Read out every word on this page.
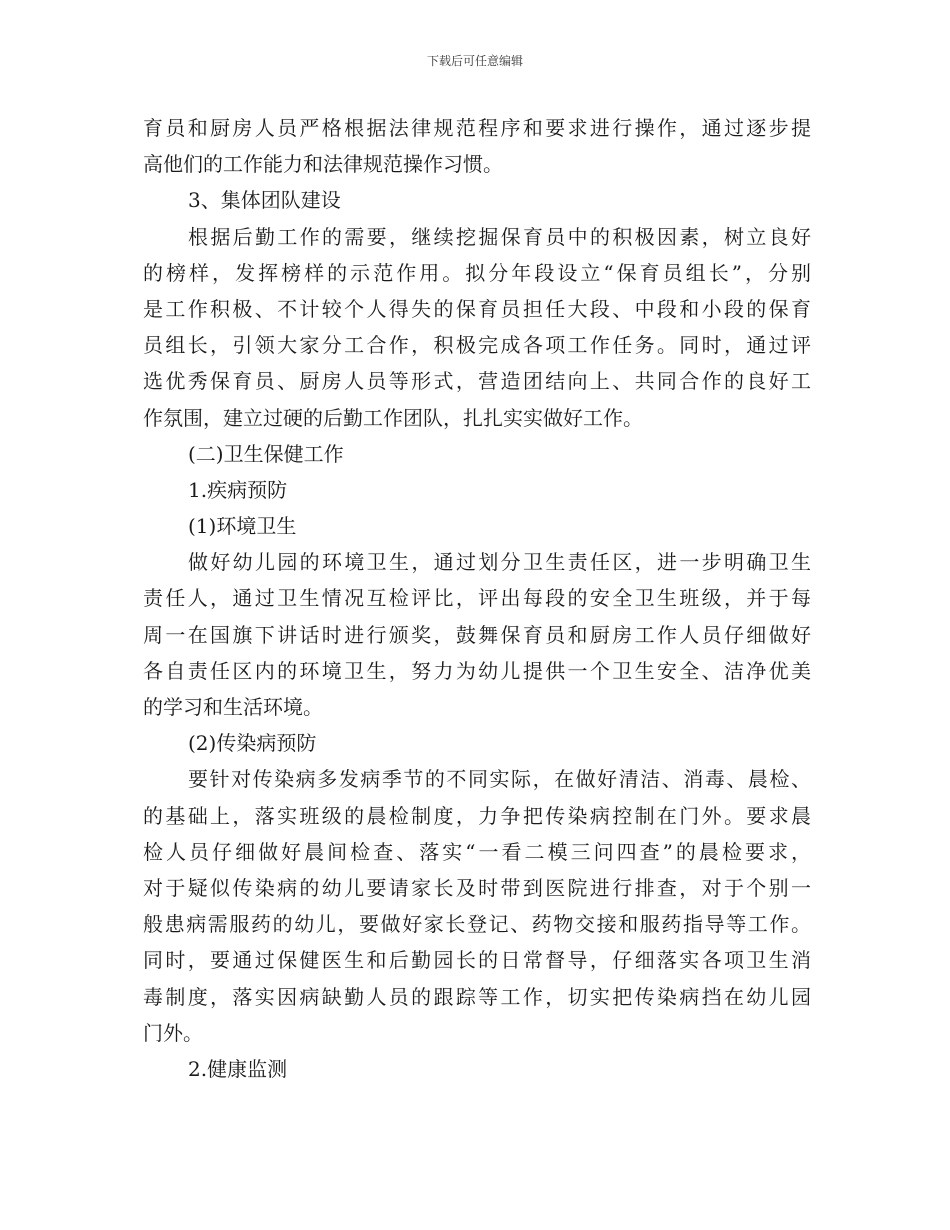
下载后可任意编辑
育员和厨房人员严格根据法律规范程序和要求进行操作，通过逐步提
高他们的工作能力和法律规范操作习惯。
3、集体团队建设
根据后勤工作的需要，继续挖掘保育员中的积极因素，树立良好
的榜样，发挥榜样的示范作用。拟分年段设立“保育员组长”，分别
是工作积极、不计较个人得失的保育员担任大段、中段和小段的保育
员组长，引领大家分工合作，积极完成各项工作任务。同时，通过评
选优秀保育员、厨房人员等形式，营造团结向上、共同合作的良好工
作氛围，建立过硬的后勤工作团队，扎扎实实做好工作。
(二)卫生保健工作
1.疾病预防
(1)环境卫生
做好幼儿园的环境卫生，通过划分卫生责任区，进一步明确卫生
责任人，通过卫生情况互检评比，评出每段的安全卫生班级，并于每
周一在国旗下讲话时进行颁奖，鼓舞保育员和厨房工作人员仔细做好
各自责任区内的环境卫生，努力为幼儿提供一个卫生安全、洁净优美
的学习和生活环境。
(2)传染病预防
要针对传染病多发病季节的不同实际，在做好清洁、消毒、晨检、
的基础上，落实班级的晨检制度，力争把传染病控制在门外。要求晨
检人员仔细做好晨间检查、落实“一看二模三问四查”的晨检要求，
对于疑似传染病的幼儿要请家长及时带到医院进行排查，对于个别一
般患病需服药的幼儿，要做好家长登记、药物交接和服药指导等工作。
同时，要通过保健医生和后勤园长的日常督导，仔细落实各项卫生消
毒制度，落实因病缺勤人员的跟踪等工作，切实把传染病挡在幼儿园
门外。
2.健康监测
